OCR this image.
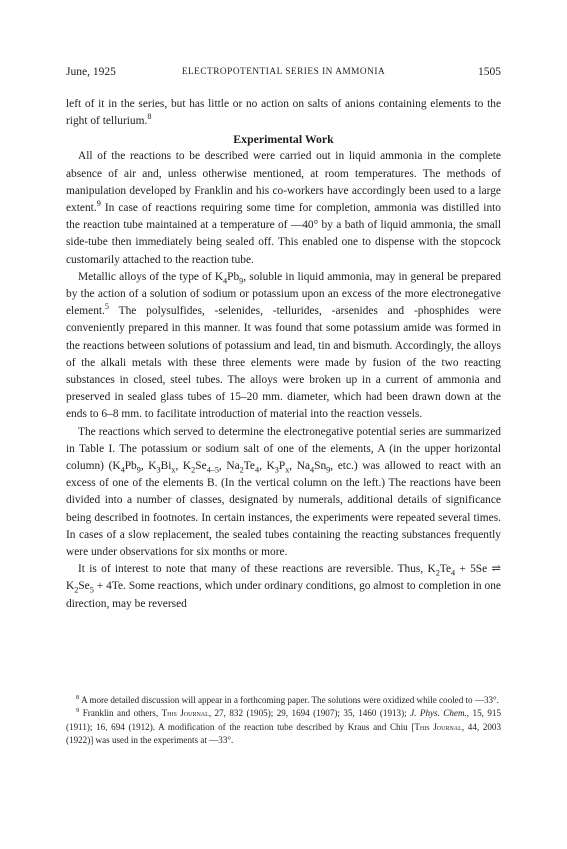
June, 1925	ELECTROPOTENTIAL SERIES IN AMMONIA	1505

left of it in the series, but has little or no action on salts of anions containing elements to the right of tellurium.$^8$

Experimental Work

All of the reactions to be described were carried out in liquid ammonia in the complete absence of air and, unless otherwise mentioned, at room temperatures. The methods of manipulation developed by Franklin and his co-workers have accordingly been used to a large extent.$^9$ In case of reactions requiring some time for completion, ammonia was distilled into the reaction tube maintained at a temperature of —40° by a bath of liquid ammonia, the small side-tube then immediately being sealed off. This enabled one to dispense with the stopcock customarily attached to the reaction tube.

Metallic alloys of the type of $K_4Pb_9$, soluble in liquid ammonia, may in general be prepared by the action of a solution of sodium or potassium upon an excess of the more electronegative element.$^5$ The polysulfides, -selenides, -tellurides, -arsenides and -phosphides were conveniently prepared in this manner. It was found that some potassium amide was formed in the reactions between solutions of potassium and lead, tin and bismuth. Accordingly, the alloys of the alkali metals with these three elements were made by fusion of the two reacting substances in closed, steel tubes. The alloys were broken up in a current of ammonia and preserved in sealed glass tubes of 15–20 mm. diameter, which had been drawn down at the ends to 6–8 mm. to facilitate introduction of material into the reaction vessels.

The reactions which served to determine the electronegative potential series are summarized in Table I. The potassium or sodium salt of one of the elements, A (in the upper horizontal column) ($K_4Pb_9$, $K_3Bi_x$, $K_2Se_{4-5}$, $Na_2Te_4$, $K_3P_x$, $Na_4Sn_9$, etc.) was allowed to react with an excess of one of the elements B. (In the vertical column on the left.) The reactions have been divided into a number of classes, designated by numerals, additional details of significance being described in footnotes. In certain instances, the experiments were repeated several times. In cases of a slow replacement, the sealed tubes containing the reacting substances frequently were under observations for six months or more.

It is of interest to note that many of these reactions are reversible. Thus, $K_2Te_4 + 5Se$ ⇌ $K_2Se_5 + 4Te$. Some reactions, which under ordinary conditions, go almost to completion in one direction, may be reversed

$^8$ A more detailed discussion will appear in a forthcoming paper. The solutions were oxidized while cooled to —33°.

$^9$ Franklin and others, This Journal, 27, 832 (1905); 29, 1694 (1907); 35, 1460 (1913); J. Phys. Chem., 15, 915 (1911); 16, 694 (1912). A modification of the reaction tube described by Kraus and Chiu [This Journal, 44, 2003 (1922)] was used in the experiments at —33°.
